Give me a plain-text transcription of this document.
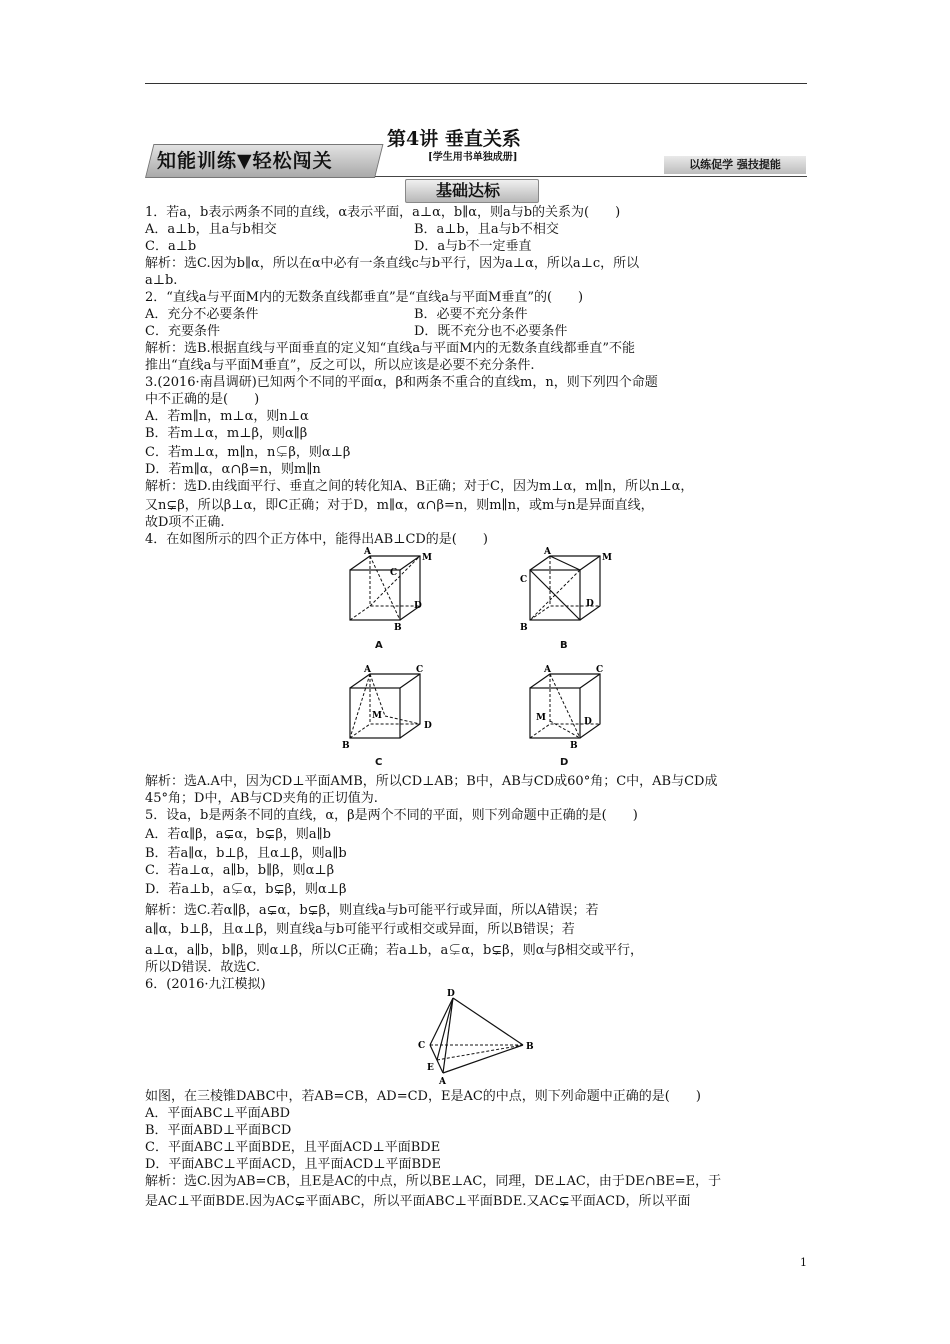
知能训练▼轻松闯关
第4讲 垂直关系
[学生用书单独成册]
以练促学 强技提能
基础达标
1．若a，b表示两条不同的直线，α表示平面，a⊥α，b∥α，则a与b的关系为(　　)
A．a⊥b，且a与b相交	B．a⊥b，且a与b不相交
C．a⊥b	D．a与b不一定垂直
解析：选C.因为b∥α，所以在α中必有一条直线c与b平行，因为a⊥α，所以a⊥c，所以
a⊥b.
2．“直线a与平面M内的无数条直线都垂直”是“直线a与平面M垂直”的(　　)
A．充分不必要条件	B．必要不充分条件
C．充要条件	D．既不充分也不必要条件
解析：选B.根据直线与平面垂直的定义知“直线a与平面M内的无数条直线都垂直”不能
推出“直线a与平面M垂直”，反之可以，所以应该是必要不充分条件.
3.(2016·南昌调研)已知两个不同的平面α，β和两条不重合的直线m，n，则下列四个命题
中不正确的是(　　)
A．若m∥n，m⊥α，则n⊥α
B．若m⊥α，m⊥β，则α∥β
C．若m⊥α，m∥n，n⊊β，则α⊥β
D．若m∥α，α∩β=n，则m∥n
解析：选D.由线面平行、垂直之间的转化知A、B正确；对于C，因为m⊥α，m∥n，所以n⊥α，
又n⊊β，所以β⊥α，即C正确；对于D，m∥α，α∩β=n，则m∥n，或m与n是异面直线，
故D项不正确.
4．在如图所示的四个正方体中，能得出AB⊥CD的是(　　)
A
M
C
D
B
A
A
M
C
D
B
B
A	C
M
D
B
C
A	C
M
B
D
D
解析：选A.A中，因为CD⊥平面AMB，所以CD⊥AB；B中，AB与CD成60°角；C中，AB与CD成
45°角；D中，AB与CD夹角的正切值为.
5．设a，b是两条不同的直线，α，β是两个不同的平面，则下列命题中正确的是(　　)
A．若α∥β，a⊊α，b⊊β，则a∥b
B．若a∥α，b⊥β，且α⊥β，则a∥b
C．若a⊥α，a∥b，b∥β，则α⊥β
D．若a⊥b，a⊊α，b⊊β，则α⊥β
解析：选C.若α∥β，a⊊α，b⊊β，则直线a与b可能平行或异面，所以A错误；若
a∥α，b⊥β，且α⊥β，则直线a与b可能平行或相交或异面，所以B错误；若
a⊥α，a∥b，b∥β，则α⊥β，所以C正确；若a⊥b，a⊊α，b⊊β，则α与β相交或平行，
所以D错误．故选C.
6．(2016·九江模拟)
D
C	B
E
A
如图，在三棱锥DABC中，若AB=CB，AD=CD，E是AC的中点，则下列命题中正确的是(　　)
A．平面ABC⊥平面ABD
B．平面ABD⊥平面BCD
C．平面ABC⊥平面BDE，且平面ACD⊥平面BDE
D．平面ABC⊥平面ACD，且平面ACD⊥平面BDE
解析：选C.因为AB=CB，且E是AC的中点，所以BE⊥AC，同理，DE⊥AC，由于DE∩BE=E，于
是AC⊥平面BDE.因为AC⊊平面ABC，所以平面ABC⊥平面BDE.又AC⊊平面ACD，所以平面
1
